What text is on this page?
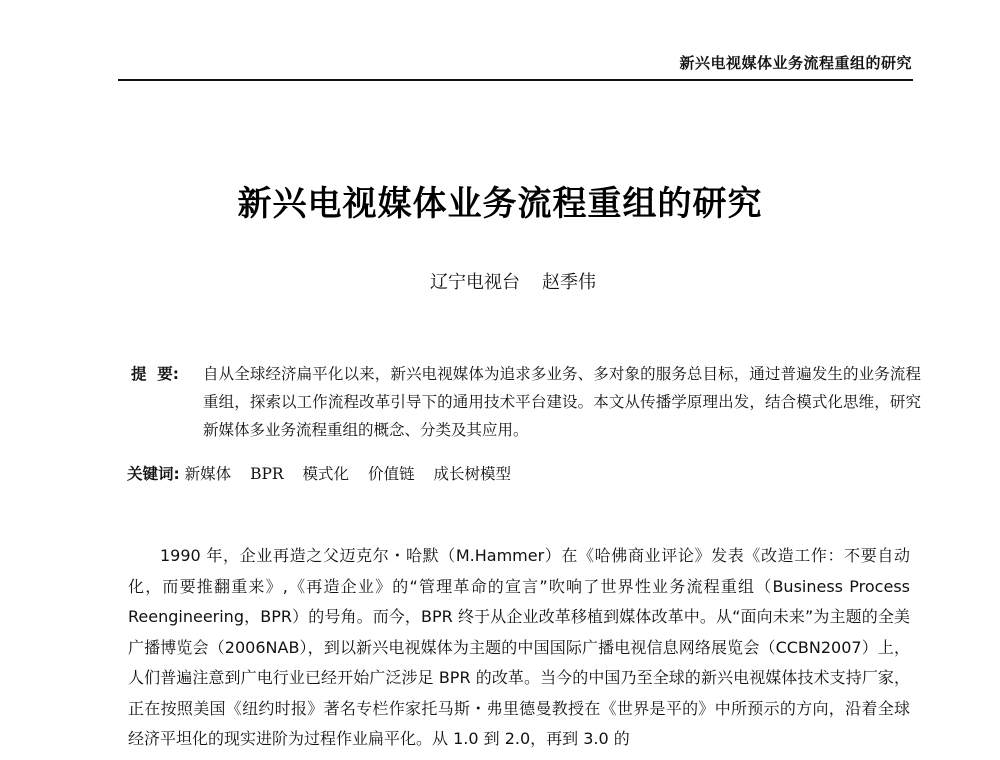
新兴电视媒体业务流程重组的研究
新兴电视媒体业务流程重组的研究
辽宁电视台 赵季伟
提  要: 自从全球经济扁平化以来，新兴电视媒体为追求多业务、多对象的服务总目标，通过普遍发生的业务流程重组，探索以工作流程改革引导下的通用技术平台建设。本文从传播学原理出发，结合模式化思维，研究新媒体多业务流程重组的概念、分类及其应用。
关键词: 新媒体 BPR 模式化 价值链 成长树模型

1990 年，企业再造之父迈克尔・哈默（M.Hammer）在《哈佛商业评论》发表《改造工作：不要自动化，而要推翻重来》,《再造企业》的“管理革命的宣言”吹响了世界性业务流程重组（Business Process Reengineering，BPR）的号角。而今，BPR 终于从企业改革移植到媒体改革中。从“面向未来”为主题的全美广播博览会（2006NAB），到以新兴电视媒体为主题的中国国际广播电视信息网络展览会（CCBN2007）上，人们普遍注意到广电行业已经开始广泛涉足 BPR 的改革。当今的中国乃至全球的新兴电视媒体技术支持厂家，正在按照美国《纽约时报》著名专栏作家托马斯・弗里德曼教授在《世界是平的》中所预示的方向，沿着全球经济平坦化的现实进阶为过程作业扁平化。从 1.0 到 2.0，再到 3.0 的
